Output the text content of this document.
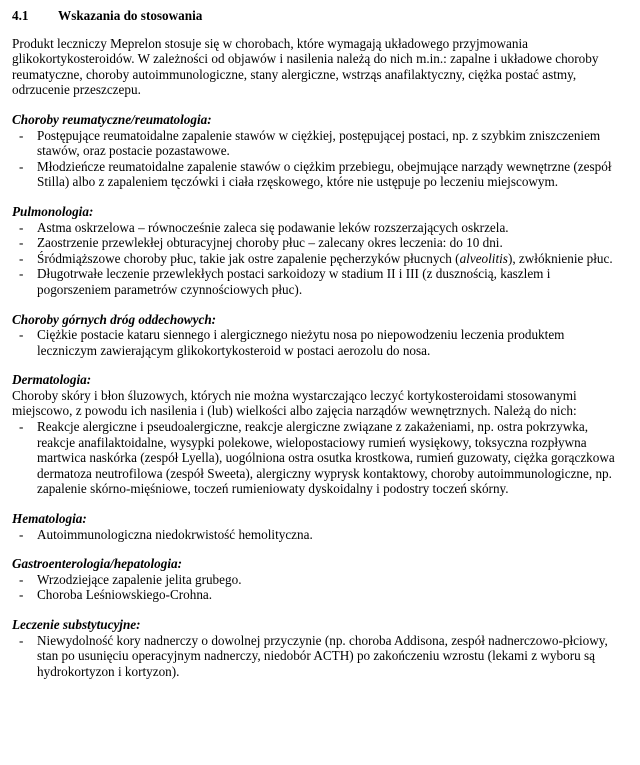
4.1	Wskazania do stosowania

Produkt leczniczy Meprelon stosuje się w chorobach, które wymagają układowego przyjmowania glikokortykosteroidów. W zależności od objawów i nasilenia należą do nich m.in.: zapalne i układowe choroby reumatyczne, choroby autoimmunologiczne, stany alergiczne, wstrząs anafilaktyczny, ciężka postać astmy, odrzucenie przeszczepu.

Choroby reumatyczne/reumatologia:

- Postępujące reumatoidalne zapalenie stawów w ciężkiej, postępującej postaci, np. z szybkim zniszczeniem stawów, oraz postacie pozastawowe.
- Młodzieńcze reumatoidalne zapalenie stawów o ciężkim przebiegu, obejmujące narządy wewnętrzne (zespół Stilla) albo z zapaleniem tęczówki i ciała rzęskowego, które nie ustępuje po leczeniu miejscowym.

Pulmonologia:

- Astma oskrzelowa – równocześnie zaleca się podawanie leków rozszerzających oskrzela.
- Zaostrzenie przewlekłej obturacyjnej choroby płuc – zalecany okres leczenia: do 10 dni.
- Śródmiąższowe choroby płuc, takie jak ostre zapalenie pęcherzyków płucnych (alveolitis), zwłóknienie płuc.
- Długotrwałe leczenie przewlekłych postaci sarkoidozy w stadium II i III (z dusznością, kaszlem i pogorszeniem parametrów czynnościowych płuc).

Choroby górnych dróg oddechowych:

- Ciężkie postacie kataru siennego i alergicznego nieżytu nosa po niepowodzeniu leczenia produktem leczniczym zawierającym glikokortykosteroid w postaci aerozolu do nosa.

Dermatologia:

Choroby skóry i błon śluzowych, których nie można wystarczająco leczyć kortykosteroidami stosowanymi miejscowo, z powodu ich nasilenia i (lub) wielkości albo zajęcia narządów wewnętrznych. Należą do nich:

- Reakcje alergiczne i pseudoalergiczne, reakcje alergiczne związane z zakażeniami, np. ostra pokrzywka, reakcje anafilaktoidalne, wysypki polekowe, wielopostaciowy rumień wysiękowy, toksyczna rozpływna martwica naskórka (zespół Lyella), uogólniona ostra osutka krostkowa, rumień guzowaty, ciężka gorączkowa dermatoza neutrofilowa (zespół Sweeta), alergiczny wyprysk kontaktowy, choroby autoimmunologiczne, np. zapalenie skórno-mięśniowe, toczeń rumieniowaty dyskoidalny i podostry toczeń skórny.

Hematologia:

- Autoimmunologiczna niedokrwistość hemolityczna.

Gastroenterologia/hepatologia:

- Wrzodziejące zapalenie jelita grubego.
- Choroba Leśniowskiego-Crohna.

Leczenie substytucyjne:

- Niewydolność kory nadnerczy o dowolnej przyczynie (np. choroba Addisona, zespół nadnerczowo-płciowy, stan po usunięciu operacyjnym nadnerczy, niedobór ACTH) po zakończeniu wzrostu (lekami z wyboru są hydrokortyzon i kortyzon).
